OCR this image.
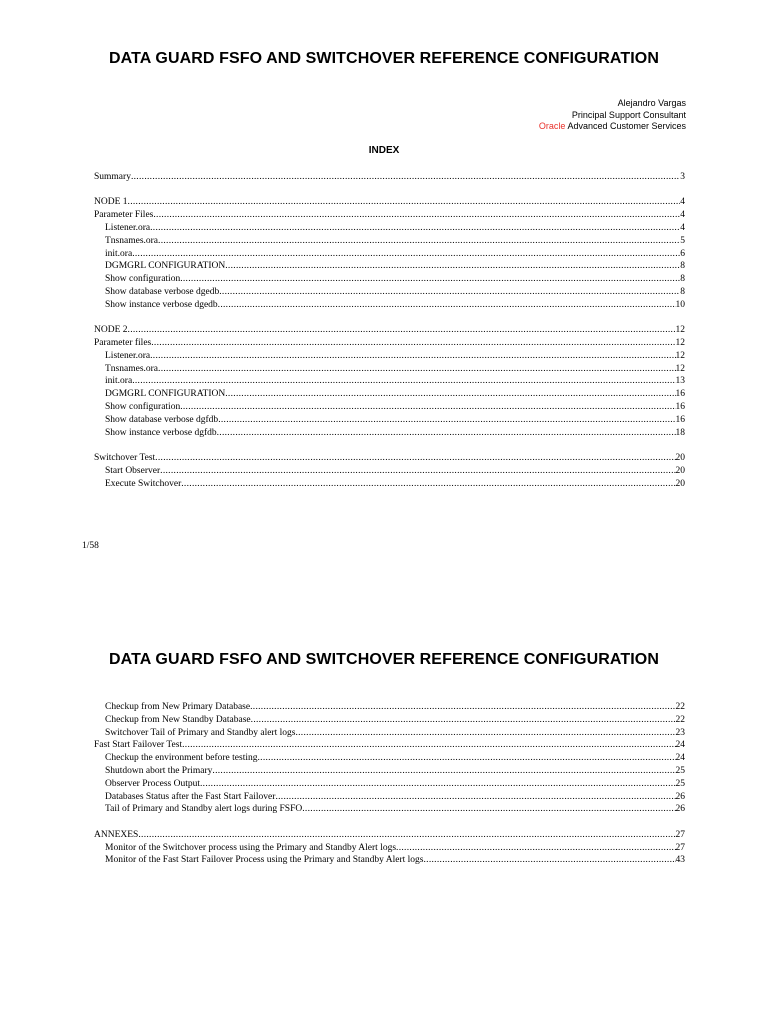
DATA GUARD FSFO AND SWITCHOVER REFERENCE CONFIGURATION
Alejandro Vargas
Principal Support Consultant
Oracle Advanced Customer Services
INDEX
Summary .....	3
NODE 1 .....	4
Parameter Files .....	4
Listener.ora .....	4
Tnsnames.ora .....	5
init.ora .....	6
DGMGRL CONFIGURATION .....	8
Show configuration .....	8
Show database verbose dgedb .....	8
Show instance verbose dgedb .....	10
NODE 2 .....	12
Parameter files .....	12
Listener.ora .....	12
Tnsnames.ora .....	12
init.ora .....	13
DGMGRL CONFIGURATION .....	16
Show configuration .....	16
Show database verbose dgfdb .....	16
Show instance verbose dgfdb .....	18
Switchover Test .....	20
Start Observer .....	20
Execute Switchover .....	20
1/58
DATA GUARD FSFO AND SWITCHOVER REFERENCE CONFIGURATION
Checkup from New Primary Database .....	22
Checkup from New Standby Database .....	22
Switchover Tail of Primary and Standby alert logs .....	23
Fast Start Failover Test .....	24
Checkup the environment before testing .....	24
Shutdown abort the Primary .....	25
Observer Process Output .....	25
Databases Status after the Fast Start Failover .....	26
Tail of Primary and Standby alert logs during FSFO .....	26
ANNEXES .....	27
Monitor of the Switchover process using the Primary and Standby Alert logs .....	27
Monitor of the Fast Start Failover Process using the Primary and Standby Alert logs .....	43
